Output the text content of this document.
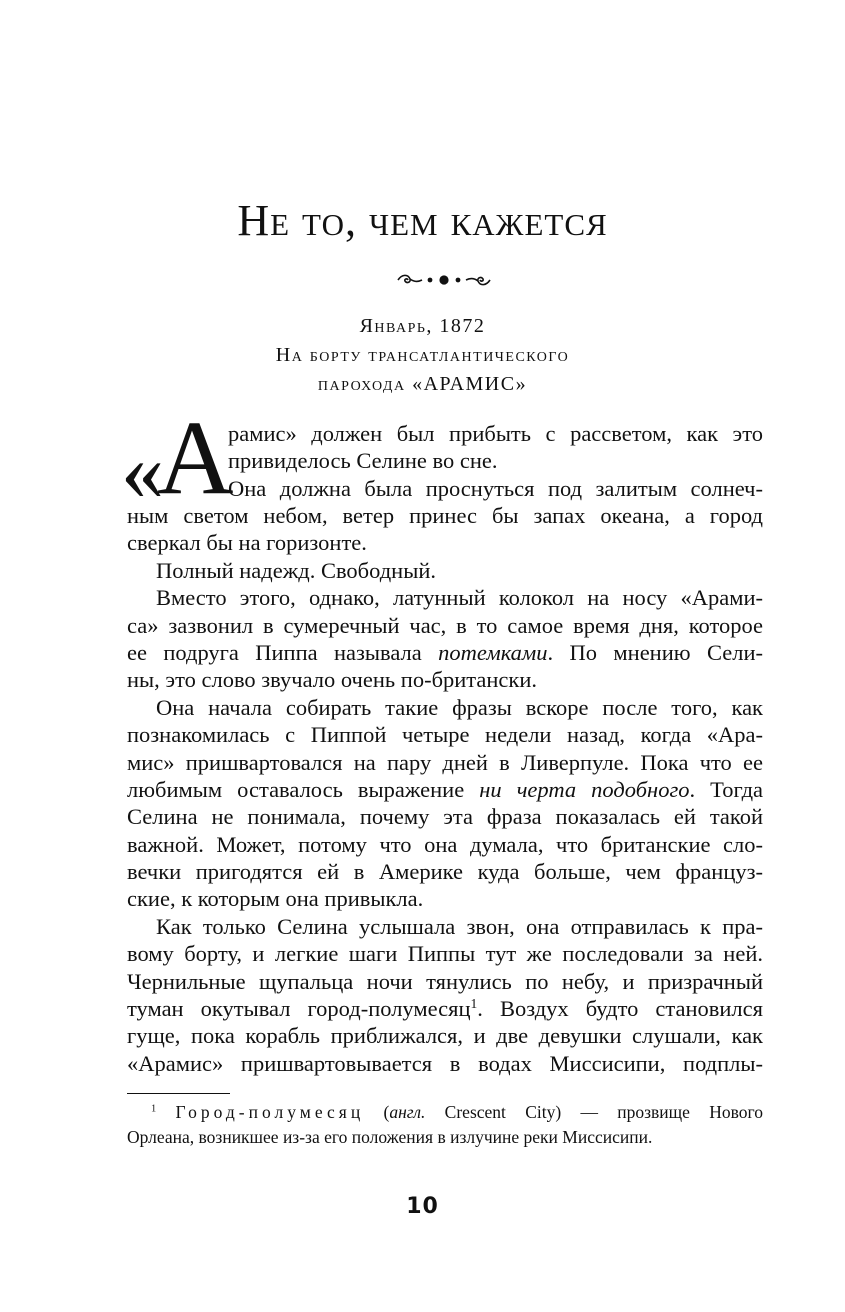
Не то, чем кажется
Январь, 1872
На борту трансатлантического
парохода «АРАМИС»
«
А
рамис» должен был прибыть с рассветом, как это
привиделось Селине во сне.
Она должна была проснуться под залитым солнеч-
ным светом небом, ветер принес бы запах океана, а город
сверкал бы на горизонте.
Полный надежд. Свободный.
Вместо этого, однако, латунный колокол на носу «Арами-
са» зазвонил в сумеречный час, в то самое время дня, которое
ее подруга Пиппа называла потемками. По мнению Сели-
ны, это слово звучало очень по-британски.
Она начала собирать такие фразы вскоре после того, как
познакомилась с Пиппой четыре недели назад, когда «Ара-
мис» пришвартовался на пару дней в Ливерпуле. Пока что ее
любимым оставалось выражение ни черта подобного. Тогда
Селина не понимала, почему эта фраза показалась ей такой
важной. Может, потому что она думала, что британские сло-
вечки пригодятся ей в Америке куда больше, чем француз-
ские, к которым она привыкла.
Как только Селина услышала звон, она отправилась к пра-
вому борту, и легкие шаги Пиппы тут же последовали за ней.
Чернильные щупальца ночи тянулись по небу, и призрачный
туман окутывал город-полумесяц$^1$. Воздух будто становился
гуще, пока корабль приближался, и две девушки слушали, как
«Арамис» пришвартовывается в водах Миссисипи, подплы-
$^1$ Город-полумесяц (англ. Crescent City) — прозвище Нового
Орлеана, возникшее из-за его положения в излучине реки Миссисипи.
10
